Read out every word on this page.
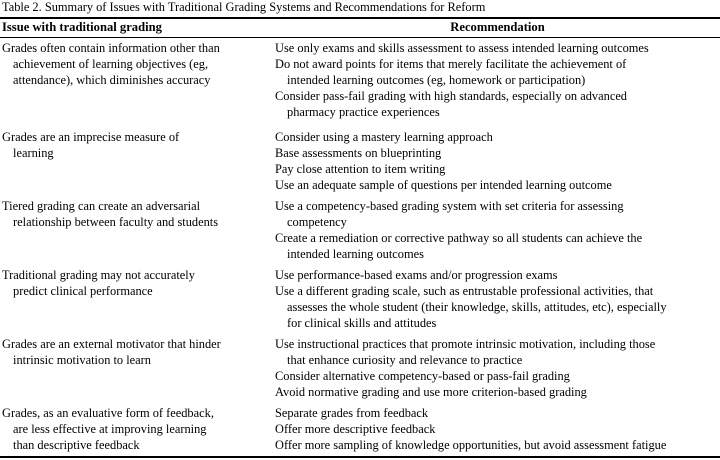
Table 2. Summary of Issues with Traditional Grading Systems and Recommendations for Reform
Issue with traditional grading	Recommendation
Grades often contain information other than
achievement of learning objectives (eg,
attendance), which diminishes accuracy
Use only exams and skills assessment to assess intended learning outcomes
Do not award points for items that merely facilitate the achievement of
intended learning outcomes (eg, homework or participation)
Consider pass-fail grading with high standards, especially on advanced
pharmacy practice experiences
Grades are an imprecise measure of
learning
Consider using a mastery learning approach
Base assessments on blueprinting
Pay close attention to item writing
Use an adequate sample of questions per intended learning outcome
Tiered grading can create an adversarial
relationship between faculty and students
Use a competency-based grading system with set criteria for assessing
competency
Create a remediation or corrective pathway so all students can achieve the
intended learning outcomes
Traditional grading may not accurately
predict clinical performance
Use performance-based exams and/or progression exams
Use a different grading scale, such as entrustable professional activities, that
assesses the whole student (their knowledge, skills, attitudes, etc), especially
for clinical skills and attitudes
Grades are an external motivator that hinder
intrinsic motivation to learn
Use instructional practices that promote intrinsic motivation, including those
that enhance curiosity and relevance to practice
Consider alternative competency-based or pass-fail grading
Avoid normative grading and use more criterion-based grading
Grades, as an evaluative form of feedback,
are less effective at improving learning
than descriptive feedback
Separate grades from feedback
Offer more descriptive feedback
Offer more sampling of knowledge opportunities, but avoid assessment fatigue
